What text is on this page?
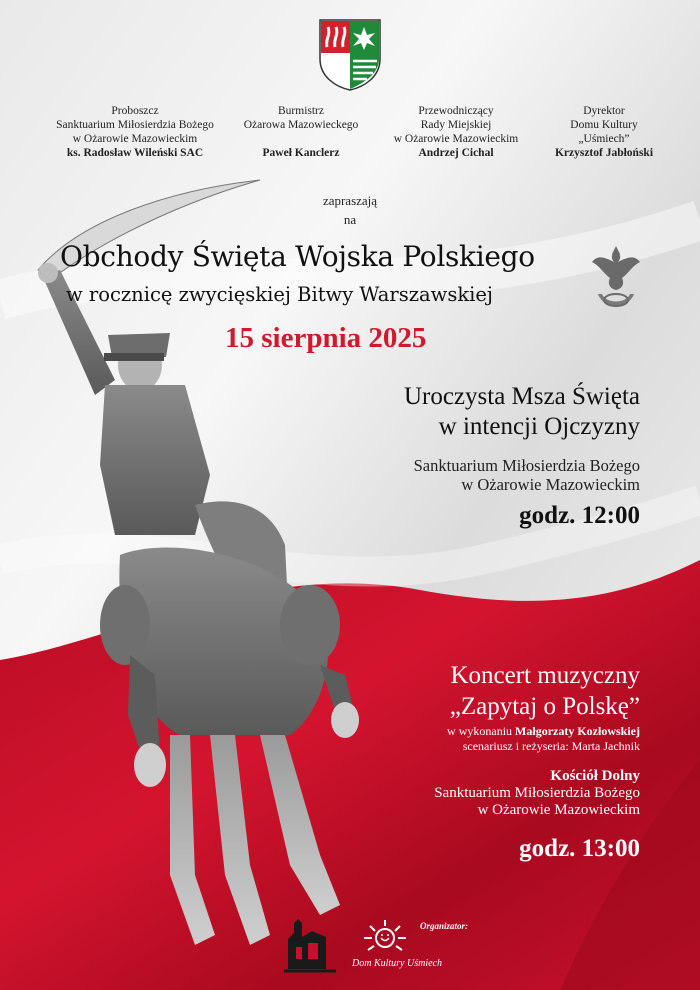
Proboszcz
Sanktuarium Miłosierdzia Bożego
w Ożarowie Mazowieckim
ks. Radosław Wileński SAC
Burmistrz
Ożarowa Mazowieckego
Paweł Kanclerz
Przewodniczący
Rady Miejskiej
w Ożarowie Mazowieckim
Andrzej Cichal
Dyrektor
Domu Kultury
„Uśmiech”
Krzysztof Jabłoński
zapraszają
na
Obchody Święta Wojska Polskiego
w rocznicę zwycięskiej Bitwy Warszawskiej
15 sierpnia 2025
Uroczysta Msza Święta
w intencji Ojczyzny
Sanktuarium Miłosierdzia Bożego
w Ożarowie Mazowieckim
godz. 12:00
Koncert muzyczny
„Zapytaj o Polskę”
w wykonaniu Małgorzaty Kozłowskiej
scenariusz i reżyseria: Marta Jachnik
Kościół Dolny
Sanktuarium Miłosierdzia Bożego
w Ożarowie Mazowieckim
godz. 13:00
Organizator:
Dom Kultury Uśmiech
